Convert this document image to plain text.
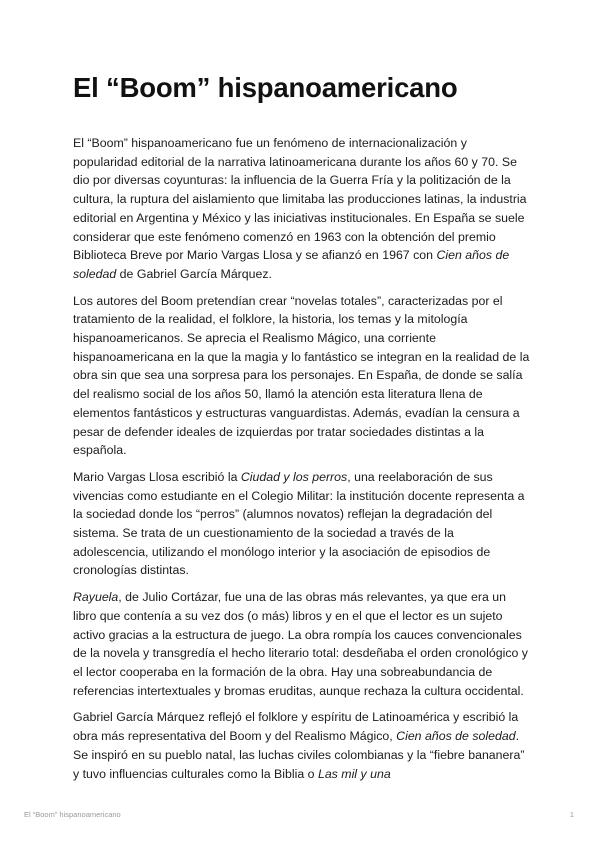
El “Boom” hispanoamericano

El “Boom” hispanoamericano fue un fenómeno de internacionalización y popularidad editorial de la narrativa latinoamericana durante los años 60 y 70. Se dio por diversas coyunturas: la influencia de la Guerra Fría y la politización de la cultura, la ruptura del aislamiento que limitaba las producciones latinas, la industria editorial en Argentina y México y las iniciativas institucionales. En España se suele considerar que este fenómeno comenzó en 1963 con la obtención del premio Biblioteca Breve por Mario Vargas Llosa y se afianzó en 1967 con Cien años de soledad de Gabriel García Márquez.

Los autores del Boom pretendían crear “novelas totales”, caracterizadas por el tratamiento de la realidad, el folklore, la historia, los temas y la mitología hispanoamericanos. Se aprecia el Realismo Mágico, una corriente hispanoamericana en la que la magia y lo fantástico se integran en la realidad de la obra sin que sea una sorpresa para los personajes. En España, de donde se salía del realismo social de los años 50, llamó la atención esta literatura llena de elementos fantásticos y estructuras vanguardistas. Además, evadían la censura a pesar de defender ideales de izquierdas por tratar sociedades distintas a la española.

Mario Vargas Llosa escribió la Ciudad y los perros, una reelaboración de sus vivencias como estudiante en el Colegio Militar: la institución docente representa a la sociedad donde los “perros” (alumnos novatos) reflejan la degradación del sistema. Se trata de un cuestionamiento de la sociedad a través de la adolescencia, utilizando el monólogo interior y la asociación de episodios de cronologías distintas.

Rayuela, de Julio Cortázar, fue una de las obras más relevantes, ya que era un libro que contenía a su vez dos (o más) libros y en el que el lector es un sujeto activo gracias a la estructura de juego. La obra rompía los cauces convencionales de la novela y transgredía el hecho literario total: desdeñaba el orden cronológico y el lector cooperaba en la formación de la obra. Hay una sobreabundancia de referencias intertextuales y bromas eruditas, aunque rechaza la cultura occidental.

Gabriel García Márquez reflejó el folklore y espíritu de Latinoamérica y escribió la obra más representativa del Boom y del Realismo Mágico, Cien años de soledad. Se inspiró en su pueblo natal, las luchas civiles colombianas y la “fiebre bananera” y tuvo influencias culturales como la Biblia o Las mil y una

El “Boom” hispanoamericano	1
